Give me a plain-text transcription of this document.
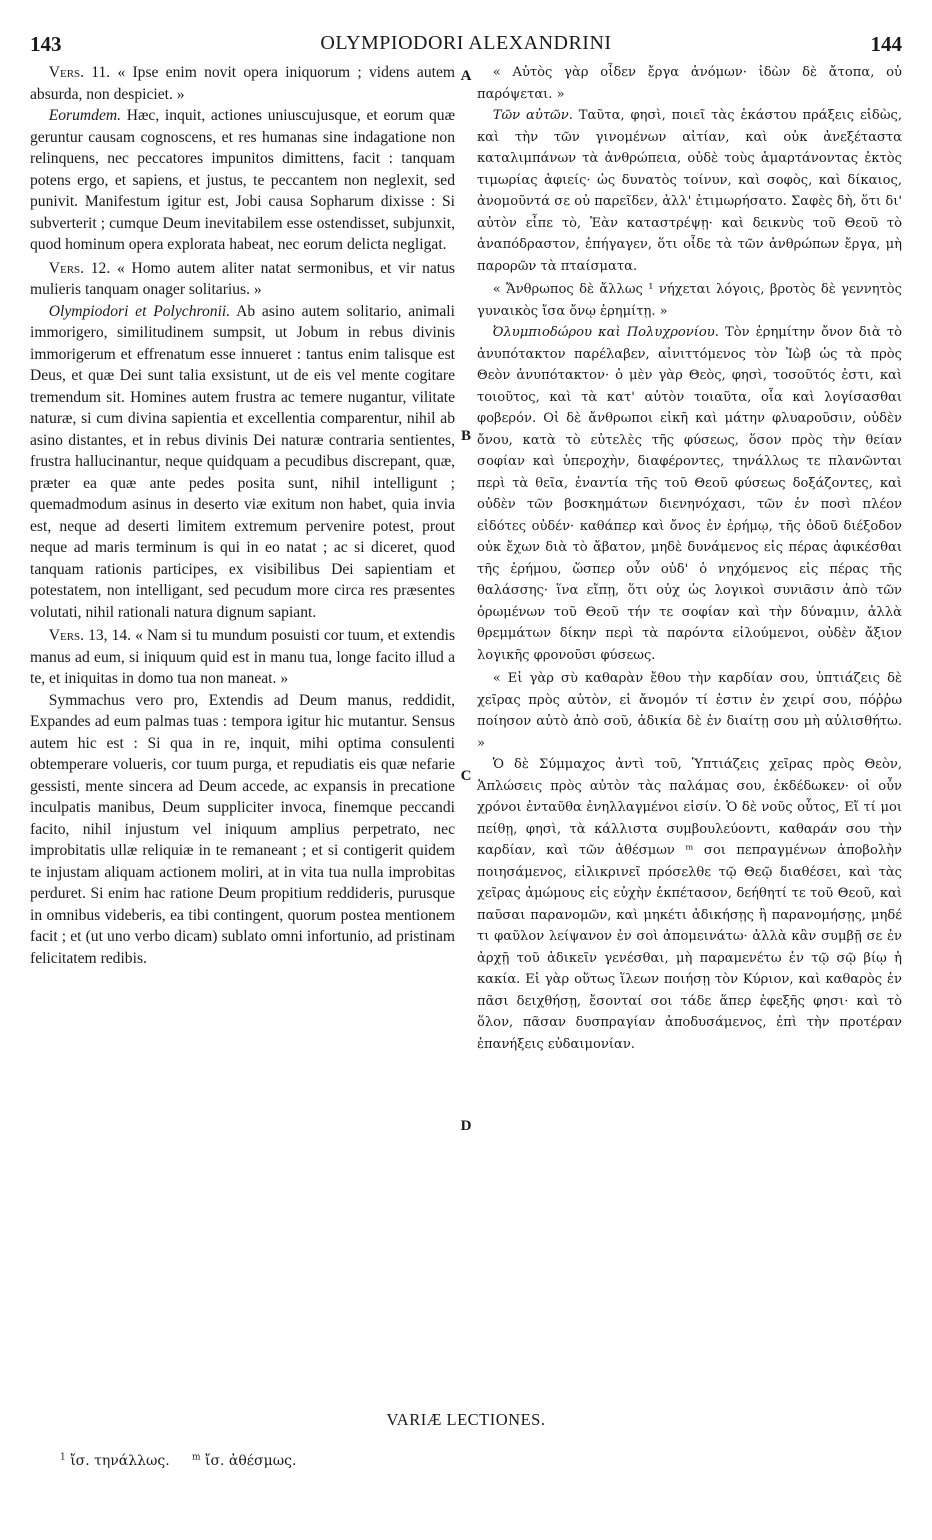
143	OLYMPIODORI ALEXANDRINI	144

Vers. 11. « Ipse enim novit opera iniquorum ; videns autem absurda, non despiciet. »

Eorumdem. Hæc, inquit, actiones uniuscujusque, et eorum quæ geruntur causam cognoscens, et res humanas sine indagatione non relinquens, nec peccatores impunitos dimittens, facit : tanquam potens ergo, et sapiens, et justus, te peccantem non neglexit, sed punivit. Manifestum igitur est, Jobi causa Sopharum dixisse : Si subverterit ; cumque Deum inevitabilem esse ostendisset, subjunxit, quod hominum opera explorata habeat, nec eorum delicta negligat.

Vers. 12. « Homo autem aliter natat sermonibus, et vir natus mulieris tanquam onager solitarius. »

Olympiodori et Polychronii. Ab asino autem solitario, animali immorigero, similitudinem sumpsit, ut Jobum in rebus divinis immorigerum et effrenatum esse innueret : tantus enim talisque est Deus, et quæ Dei sunt talia exsistunt, ut de eis vel mente cogitare tremendum sit. Homines autem frustra ac temere nugantur, vilitate naturæ, si cum divina sapientia et excellentia comparentur, nihil ab asino distantes, et in rebus divinis Dei naturæ contraria sentientes, frustra hallucinantur, neque quidquam a pecudibus discrepant, quæ, præter ea quæ ante pedes posita sunt, nihil intelligunt ; quemadmodum asinus in deserto viæ exitum non habet, quia invia est, neque ad deserti limitem extremum pervenire potest, prout neque ad maris terminum is qui in eo natat ; ac si diceret, quod tanquam rationis participes, ex visibilibus Dei sapientiam et potestatem, non intelligant, sed pecudum more circa res præsentes volutati, nihil rationali natura dignum sapiant.

Vers. 13, 14. « Nam si tu mundum posuisti cor tuum, et extendis manus ad eum, si iniquum quid est in manu tua, longe facito illud a te, et iniquitas in domo tua non maneat. »

Symmachus vero pro, Extendis ad Deum manus, reddidit, Expandes ad eum palmas tuas : tempora igitur hic mutantur. Sensus autem hic est : Si qua in re, inquit, mihi optima consulenti obtemperare volueris, cor tuum purga, et repudiatis eis quæ nefarie gessisti, mente sincera ad Deum accede, ac expansis in precatione inculpatis manibus, Deum suppliciter invoca, finemque peccandi facito, nihil injustum vel iniquum amplius perpetrato, nec improbitatis ullæ reliquiæ in te remaneant ; et si contigerit quidem te injustam aliquam actionem moliri, at in vita tua nulla improbitas perduret. Si enim hac ratione Deum propitium reddideris, purusque in omnibus videberis, ea tibi contingent, quorum postea mentionem facit ; et (ut uno verbo dicam) sublato omni infortunio, ad pristinam felicitatem redibis.

« Αὐτὸς γὰρ οἶδεν ἔργα ἀνόμων· ἰδὼν δὲ ἄτοπα, οὐ παρόψεται. »

Τῶν αὐτῶν. Ταῦτα, φησὶ, ποιεῖ τὰς ἑκάστου πράξεις εἰδὼς, καὶ τὴν τῶν γινομένων αἰτίαν, καὶ οὐκ ἀνεξέταστα καταλιμπάνων τὰ ἀνθρώπεια, οὐδὲ τοὺς ἁμαρτάνοντας ἐκτὸς τιμωρίας ἀφιείς· ὡς δυνατὸς τοίνυν, καὶ σοφὸς, καὶ δίκαιος, ἀνομοῦντά σε οὐ παρεῖδεν, ἀλλ' ἐτιμωρήσατο. Σαφὲς δὴ, ὅτι δι' αὐτὸν εἶπε τὸ, Ἐὰν καταστρέψῃ· καὶ δεικνὺς τοῦ Θεοῦ τὸ ἀναπόδραστον, ἐπήγαγεν, ὅτι οἶδε τὰ τῶν ἀνθρώπων ἔργα, μὴ παρορῶν τὰ πταίσματα.

« Ἄνθρωπος δὲ ἄλλως ¹ νήχεται λόγοις, βροτὸς δὲ γεννητὸς γυναικὸς ἴσα ὄνῳ ἐρημίτῃ. »

Ὀλυμπιοδώρου καὶ Πολυχρονίου. Τὸν ἐρημίτην ὄνον διὰ τὸ ἀνυπότακτον παρέλαβεν, αἰνιττόμενος τὸν Ἰὼβ ὡς τὰ πρὸς Θεὸν ἀνυπότακτον· ὁ μὲν γὰρ Θεὸς, φησὶ, τοσοῦτός ἐστι, καὶ τοιοῦτος, καὶ τὰ κατ' αὐτὸν τοιαῦτα, οἷα καὶ λογίσασθαι φοβερόν. Οἱ δὲ ἄνθρωποι εἰκῆ καὶ μάτην φλυαροῦσιν, οὐδὲν ὄνου, κατὰ τὸ εὐτελὲς τῆς φύσεως, ὅσον πρὸς τὴν θείαν σοφίαν καὶ ὑπεροχὴν, διαφέροντες, τηνάλλως τε πλανῶνται περὶ τὰ θεῖα, ἐναντία τῆς τοῦ Θεοῦ φύσεως δοξάζοντες, καὶ οὐδὲν τῶν βοσκημάτων διενηνόχασι, τῶν ἐν ποσὶ πλέον εἰδότες οὐδέν· καθάπερ καὶ ὄνος ἐν ἐρήμῳ, τῆς ὁδοῦ διέξοδον οὐκ ἔχων διὰ τὸ ἄβατον, μηδὲ δυνάμενος εἰς πέρας ἀφικέσθαι τῆς ἐρήμου, ὥσπερ οὖν οὐδ' ὁ νηχόμενος εἰς πέρας τῆς θαλάσσης· ἵνα εἴπῃ, ὅτι οὐχ ὡς λογικοὶ συνιᾶσιν ἀπὸ τῶν ὁρωμένων τοῦ Θεοῦ τήν τε σοφίαν καὶ τὴν δύναμιν, ἀλλὰ θρεμμάτων δίκην περὶ τὰ παρόντα εἰλούμενοι, οὐδὲν ἄξιον λογικῆς φρονοῦσι φύσεως.

« Εἰ γὰρ σὺ καθαρὰν ἔθου τὴν καρδίαν σου, ὑπτιάζεις δὲ χεῖρας πρὸς αὐτὸν, εἰ ἄνομόν τί ἐστιν ἐν χειρί σου, πόῤῥω ποίησον αὐτὸ ἀπὸ σοῦ, ἀδικία δὲ ἐν διαίτῃ σου μὴ αὐλισθήτω. »

Ὁ δὲ Σύμμαχος ἀντὶ τοῦ, Ὑπτιάζεις χεῖρας πρὸς Θεὸν, Ἁπλώσεις πρὸς αὐτὸν τὰς παλάμας σου, ἐκδέδωκεν· οἱ οὖν χρόνοι ἐνταῦθα ἐνηλλαγμένοι εἰσίν. Ὁ δὲ νοῦς οὗτος, Εἴ τί μοι πείθῃ, φησὶ, τὰ κάλλιστα συμβουλεύοντι, καθαράν σου τὴν καρδίαν, καὶ τῶν ἀθέσμων ᵐ σοι πεπραγμένων ἀποβολὴν ποιησάμενος, εἰλικρινεῖ πρόσελθε τῷ Θεῷ διαθέσει, καὶ τὰς χεῖρας ἀμώμους εἰς εὐχὴν ἐκπέτασον, δεήθητί τε τοῦ Θεοῦ, καὶ παῦσαι παρανομῶν, καὶ μηκέτι ἀδικήσῃς ἢ παρανομήσῃς, μηδέ τι φαῦλον λείψανον ἐν σοὶ ἀπομεινάτω· ἀλλὰ κἂν συμβῇ σε ἐν ἀρχῇ τοῦ ἀδικεῖν γενέσθαι, μὴ παραμενέτω ἐν τῷ σῷ βίῳ ἡ κακία. Εἰ γὰρ οὕτως ἵλεων ποιήσῃ τὸν Κύριον, καὶ καθαρὸς ἐν πᾶσι δειχθήσῃ, ἔσονταί σοι τάδε ἅπερ ἐφεξῆς φησι· καὶ τὸ ὅλον, πᾶσαν δυσπραγίαν ἀποδυσάμενος, ἐπὶ τὴν προτέραν ἐπανήξεις εὐδαιμονίαν.

A
B
C
D
VARIÆ LECTIONES.
$^1$ ἴσ. τηνάλλως. $^m$ ἴσ. ἀθέσμως.
